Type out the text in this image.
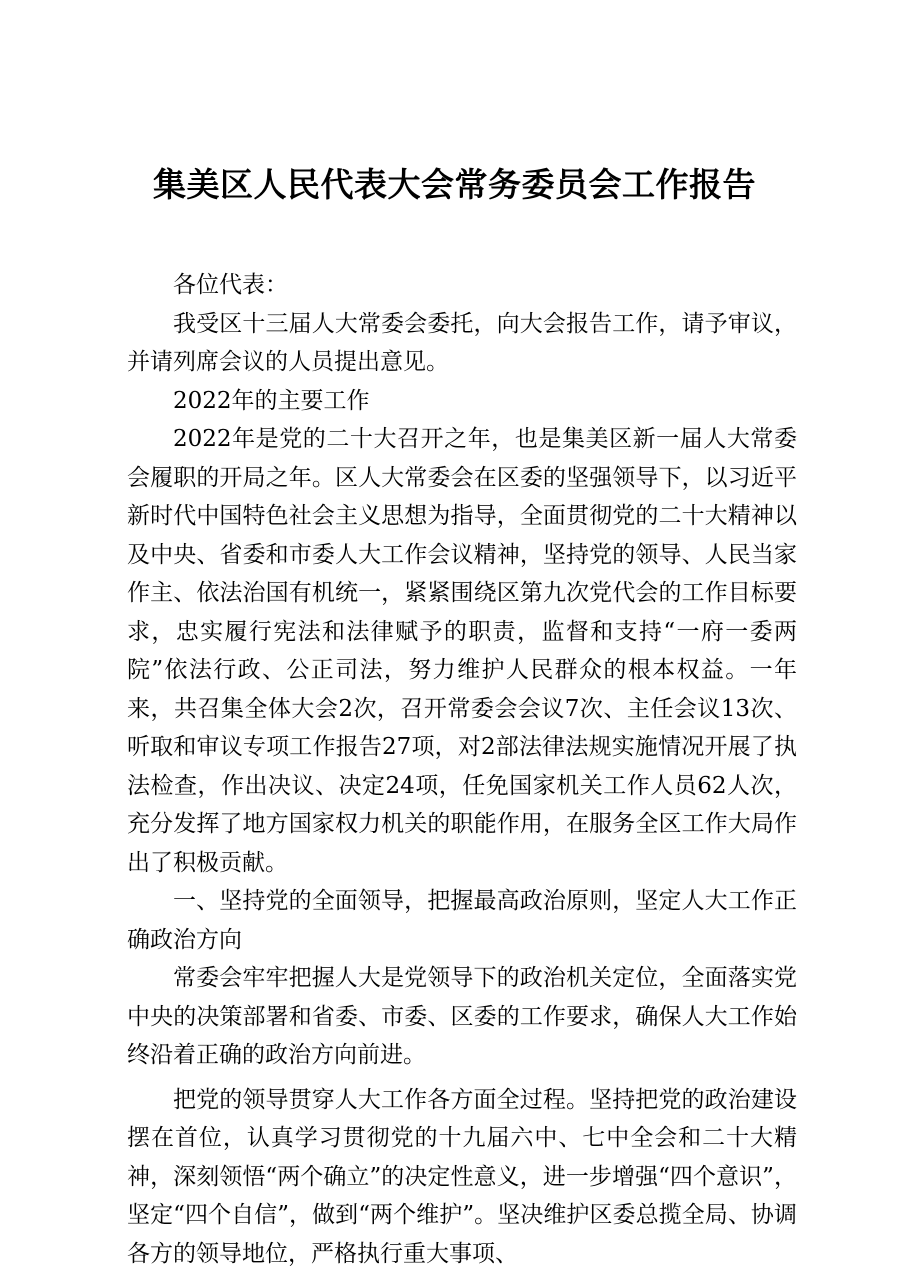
集美区人民代表大会常务委员会工作报告

各位代表：

我受区十三届人大常委会委托，向大会报告工作，请予审议，并请列席会议的人员提出意见。

2022年的主要工作

2022年是党的二十大召开之年，也是集美区新一届人大常委会履职的开局之年。区人大常委会在区委的坚强领导下，以习近平新时代中国特色社会主义思想为指导，全面贯彻党的二十大精神以及中央、省委和市委人大工作会议精神，坚持党的领导、人民当家作主、依法治国有机统一，紧紧围绕区第九次党代会的工作目标要求，忠实履行宪法和法律赋予的职责，监督和支持“一府一委两院”依法行政、公正司法，努力维护人民群众的根本权益。一年来，共召集全体大会2次，召开常委会会议7次、主任会议13次、听取和审议专项工作报告27项，对2部法律法规实施情况开展了执法检查，作出决议、决定24项，任免国家机关工作人员62人次，充分发挥了地方国家权力机关的职能作用，在服务全区工作大局作出了积极贡献。

一、坚持党的全面领导，把握最高政治原则，坚定人大工作正确政治方向

常委会牢牢把握人大是党领导下的政治机关定位，全面落实党中央的决策部署和省委、市委、区委的工作要求，确保人大工作始终沿着正确的政治方向前进。

把党的领导贯穿人大工作各方面全过程。坚持把党的政治建设摆在首位，认真学习贯彻党的十九届六中、七中全会和二十大精神，深刻领悟“两个确立”的决定性意义，进一步增强“四个意识”，坚定“四个自信”，做到“两个维护”。坚决维护区委总揽全局、协调各方的领导地位，严格执行重大事项、
